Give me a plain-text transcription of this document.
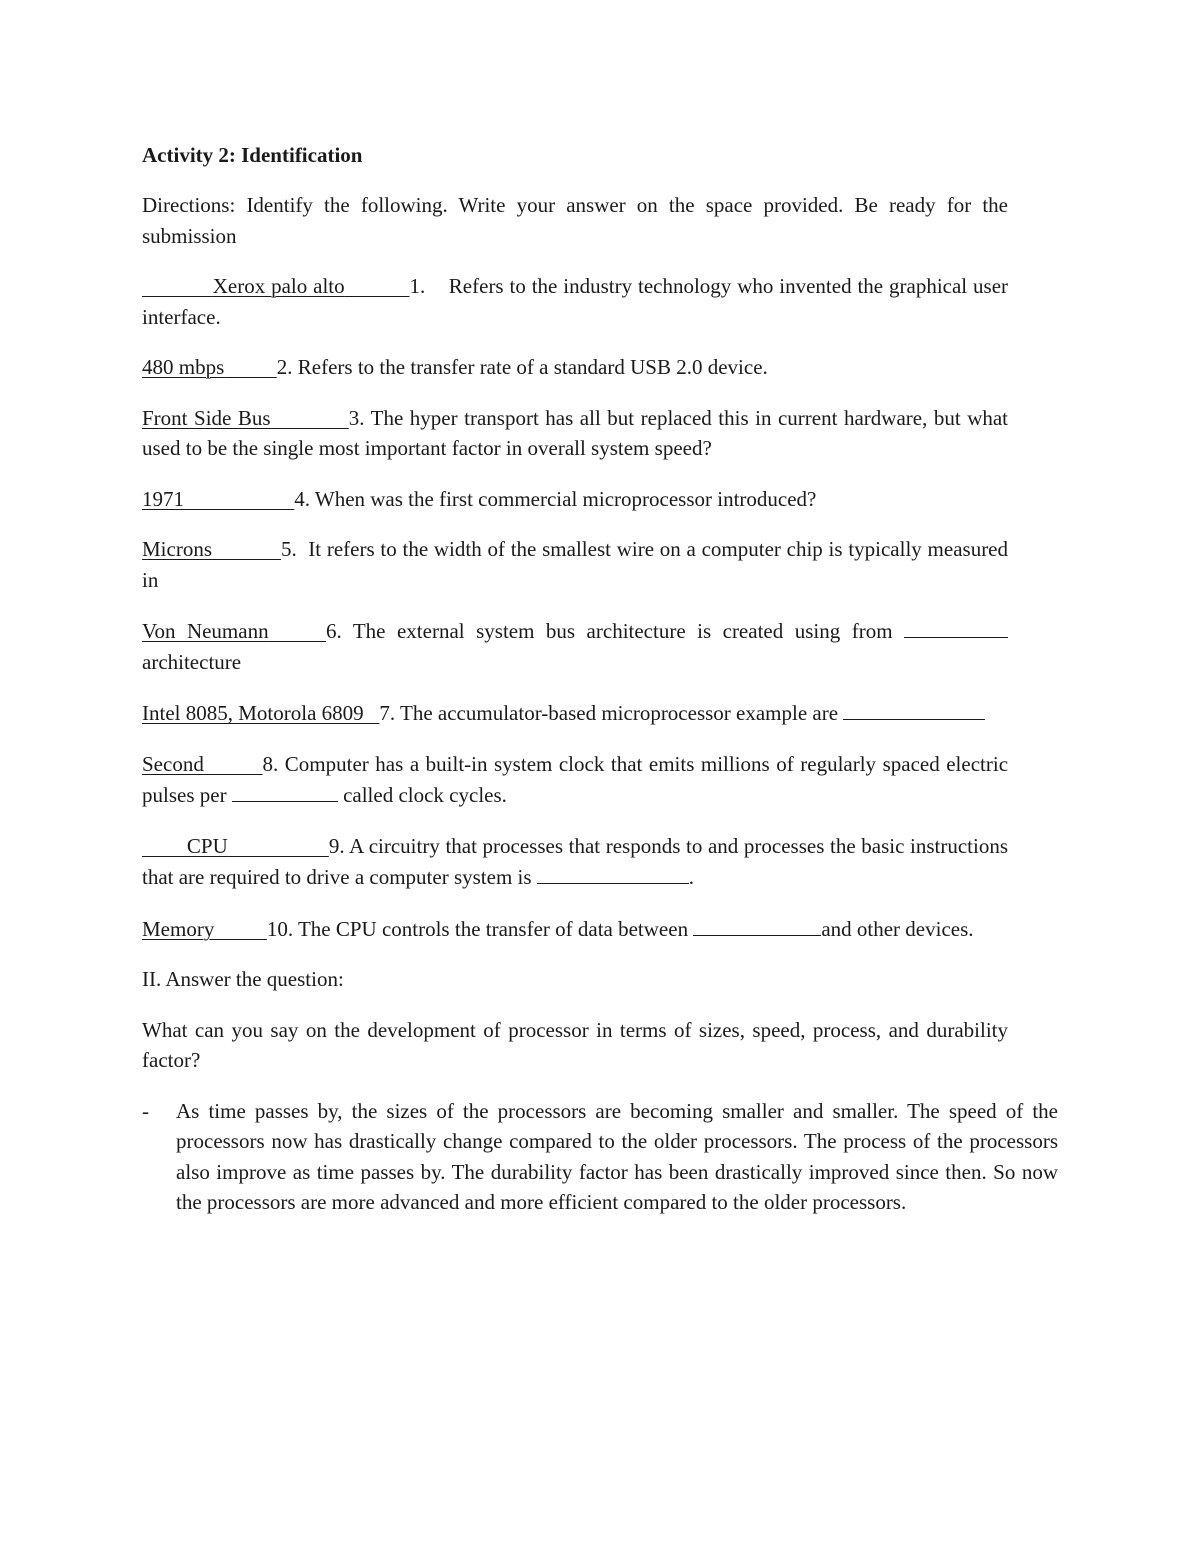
Activity 2: Identification
Directions: Identify the following. Write your answer on the space provided. Be ready for the submission
Xerox palo alto	1. Refers to the industry technology who invented the graphical user interface.
480 mbps	2. Refers to the transfer rate of a standard USB 2.0 device.
Front Side Bus	3. The hyper transport has all but replaced this in current hardware, but what used to be the single most important factor in overall system speed?
1971	4. When was the first commercial microprocessor introduced?
Microns	5. It refers to the width of the smallest wire on a computer chip is typically measured in
Von Neumann	6. The external system bus architecture is created using from  architecture
Intel 8085, Motorola 6809 7. The accumulator-based microprocessor example are
Second	8. Computer has a built-in system clock that emits millions of regularly spaced electric pulses per	called clock cycles.
CPU	9. A circuitry that processes that responds to and processes the basic instructions that are required to drive a computer system is	.
Memory	10. The CPU controls the transfer of data between	and other devices.
II. Answer the question:
What can you say on the development of processor in terms of sizes, speed, process, and durability factor?
-	As time passes by, the sizes of the processors are becoming smaller and smaller. The speed of the processors now has drastically change compared to the older processors. The process of the processors also improve as time passes by. The durability factor has been drastically improved since then. So now the processors are more advanced and more efficient compared to the older processors.
